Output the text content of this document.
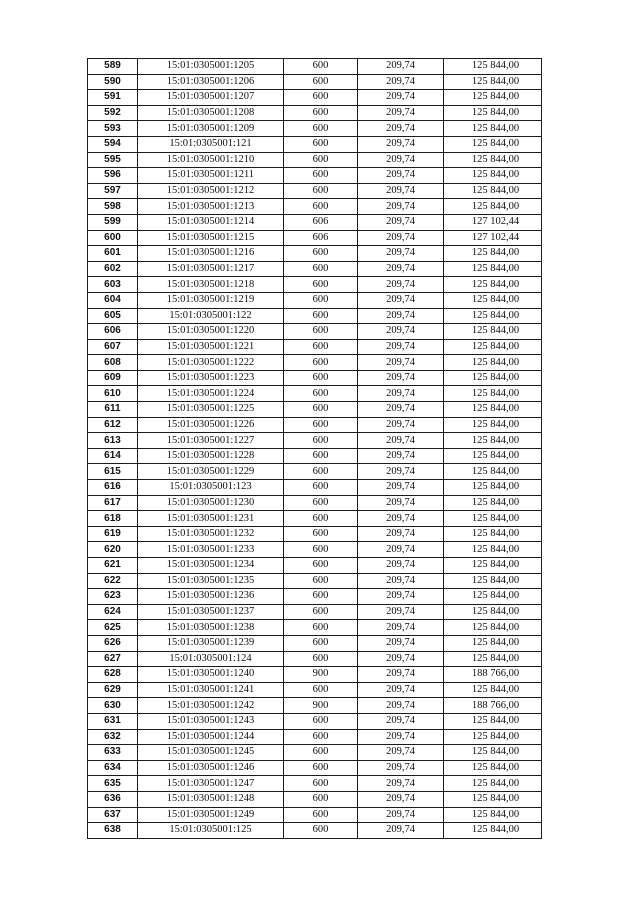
589	15:01:0305001:1205	600	209,74	125 844,00
590	15:01:0305001:1206	600	209,74	125 844,00
591	15:01:0305001:1207	600	209,74	125 844,00
592	15:01:0305001:1208	600	209,74	125 844,00
593	15:01:0305001:1209	600	209,74	125 844,00
594	15:01:0305001:121	600	209,74	125 844,00
595	15:01:0305001:1210	600	209,74	125 844,00
596	15:01:0305001:1211	600	209,74	125 844,00
597	15:01:0305001:1212	600	209,74	125 844,00
598	15:01:0305001:1213	600	209,74	125 844,00
599	15:01:0305001:1214	606	209,74	127 102,44
600	15:01:0305001:1215	606	209,74	127 102,44
601	15:01:0305001:1216	600	209,74	125 844,00
602	15:01:0305001:1217	600	209,74	125 844,00
603	15:01:0305001:1218	600	209,74	125 844,00
604	15:01:0305001:1219	600	209,74	125 844,00
605	15:01:0305001:122	600	209,74	125 844,00
606	15:01:0305001:1220	600	209,74	125 844,00
607	15:01:0305001:1221	600	209,74	125 844,00
608	15:01:0305001:1222	600	209,74	125 844,00
609	15:01:0305001:1223	600	209,74	125 844,00
610	15:01:0305001:1224	600	209,74	125 844,00
611	15:01:0305001:1225	600	209,74	125 844,00
612	15:01:0305001:1226	600	209,74	125 844,00
613	15:01:0305001:1227	600	209,74	125 844,00
614	15:01:0305001:1228	600	209,74	125 844,00
615	15:01:0305001:1229	600	209,74	125 844,00
616	15:01:0305001:123	600	209,74	125 844,00
617	15:01:0305001:1230	600	209,74	125 844,00
618	15:01:0305001:1231	600	209,74	125 844,00
619	15:01:0305001:1232	600	209,74	125 844,00
620	15:01:0305001:1233	600	209,74	125 844,00
621	15:01:0305001:1234	600	209,74	125 844,00
622	15:01:0305001:1235	600	209,74	125 844,00
623	15:01:0305001:1236	600	209,74	125 844,00
624	15:01:0305001:1237	600	209,74	125 844,00
625	15:01:0305001:1238	600	209,74	125 844,00
626	15:01:0305001:1239	600	209,74	125 844,00
627	15:01:0305001:124	600	209,74	125 844,00
628	15:01:0305001:1240	900	209,74	188 766,00
629	15:01:0305001:1241	600	209,74	125 844,00
630	15:01:0305001:1242	900	209,74	188 766,00
631	15:01:0305001:1243	600	209,74	125 844,00
632	15:01:0305001:1244	600	209,74	125 844,00
633	15:01:0305001:1245	600	209,74	125 844,00
634	15:01:0305001:1246	600	209,74	125 844,00
635	15:01:0305001:1247	600	209,74	125 844,00
636	15:01:0305001:1248	600	209,74	125 844,00
637	15:01:0305001:1249	600	209,74	125 844,00
638	15:01:0305001:125	600	209,74	125 844,00
